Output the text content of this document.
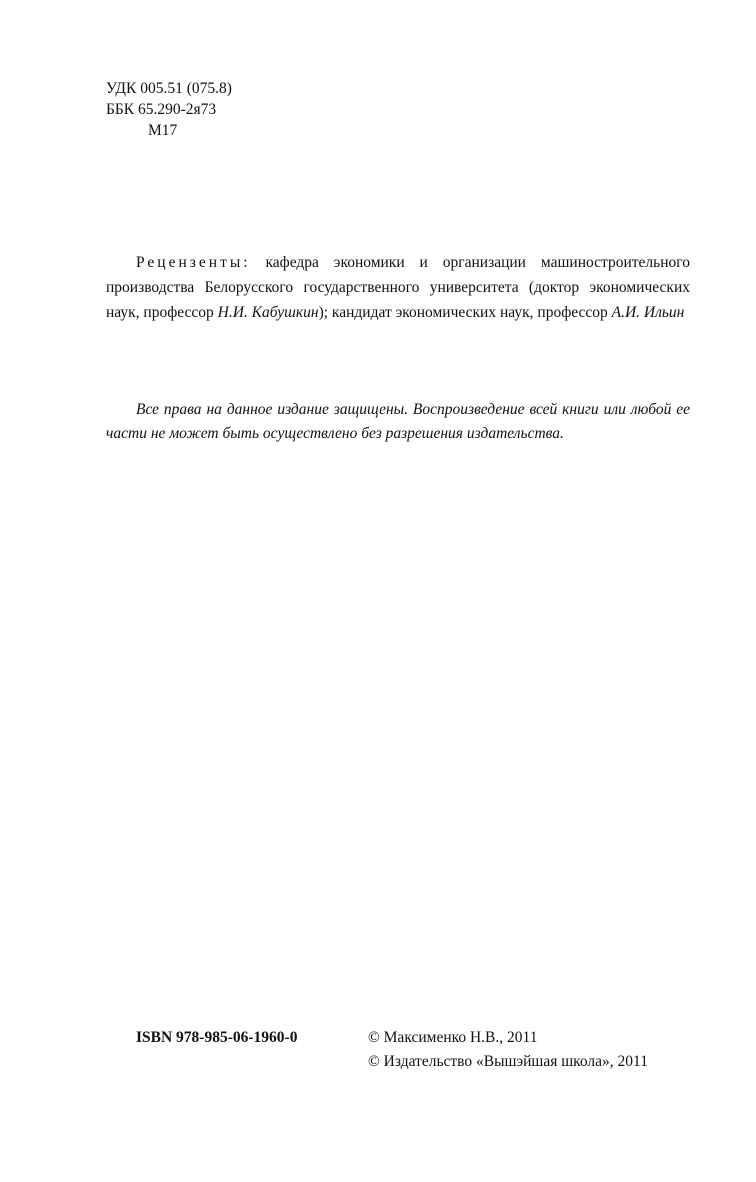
УДК 005.51 (075.8)
ББК 65.290-2я73
М17

Рецензенты: кафедра экономики и организации машиностроительного производства Белорусского государственного университета (доктор экономических наук, профессор Н.И. Кабушкин); кандидат экономических наук, профессор А.И. Ильин

Все права на данное издание защищены. Воспроизведение всей книги или любой ее части не может быть осуществлено без разрешения издательства.

ISBN 978-985-06-1960-0	© Максименко Н.В., 2011
© Издательство «Вышэйшая школа», 2011
